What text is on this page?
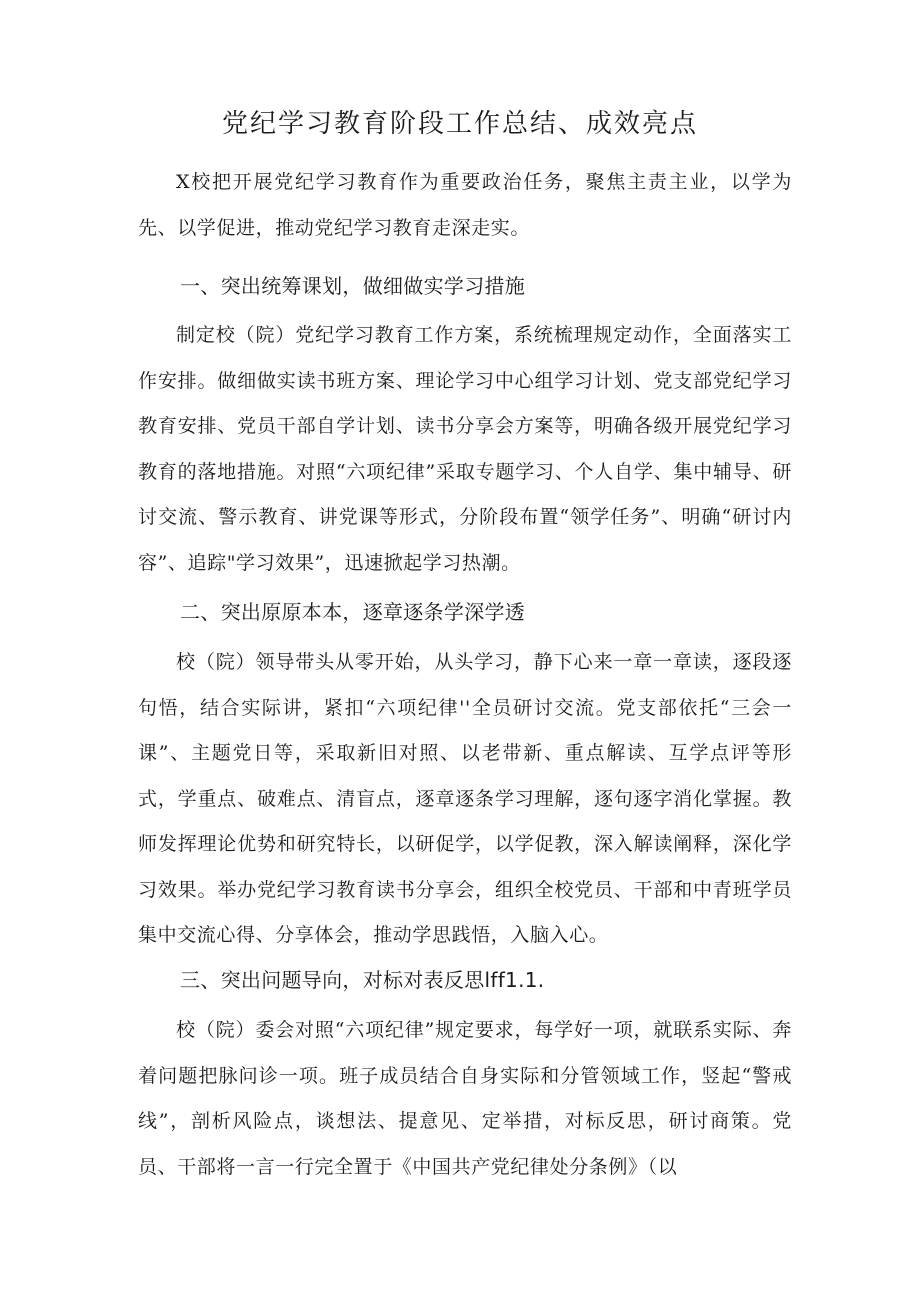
党纪学习教育阶段工作总结、成效亮点

X校把开展党纪学习教育作为重要政治任务，聚焦主责主业，以学为先、以学促进，推动党纪学习教育走深走实。

一、突出统筹课划，做细做实学习措施

制定校（院）党纪学习教育工作方案，系统梳理规定动作，全面落实工作安排。做细做实读书班方案、理论学习中心组学习计划、党支部党纪学习教育安排、党员干部自学计划、读书分享会方案等，明确各级开展党纪学习教育的落地措施。对照“六项纪律”采取专题学习、个人自学、集中辅导、研讨交流、警示教育、讲党课等形式，分阶段布置“领学任务”、明确“研讨内容”、追踪"学习效果”，迅速掀起学习热潮。

二、突出原原本本，逐章逐条学深学透

校（院）领导带头从零开始，从头学习，静下心来一章一章读，逐段逐句悟，结合实际讲，紧扣“六项纪律''全员研讨交流。党支部依托“三会一课”、主题党日等，采取新旧对照、以老带新、重点解读、互学点评等形式，学重点、破难点、清盲点，逐章逐条学习理解，逐句逐字消化掌握。教师发挥理论优势和研究特长，以研促学，以学促教，深入解读阐释，深化学习效果。举办党纪学习教育读书分享会，组织全校党员、干部和中青班学员集中交流心得、分享体会，推动学思践悟，入脑入心。

三、突出问题导向，对标对表反思lff1.1.

校（院）委会对照“六项纪律”规定要求，每学好一项，就联系实际、奔着问题把脉问诊一项。班子成员结合自身实际和分管领域工作，竖起“警戒线”，剖析风险点，谈想法、提意见、定举措，对标反思，研讨商策。党员、干部将一言一行完全置于《中国共产党纪律处分条例》（以
